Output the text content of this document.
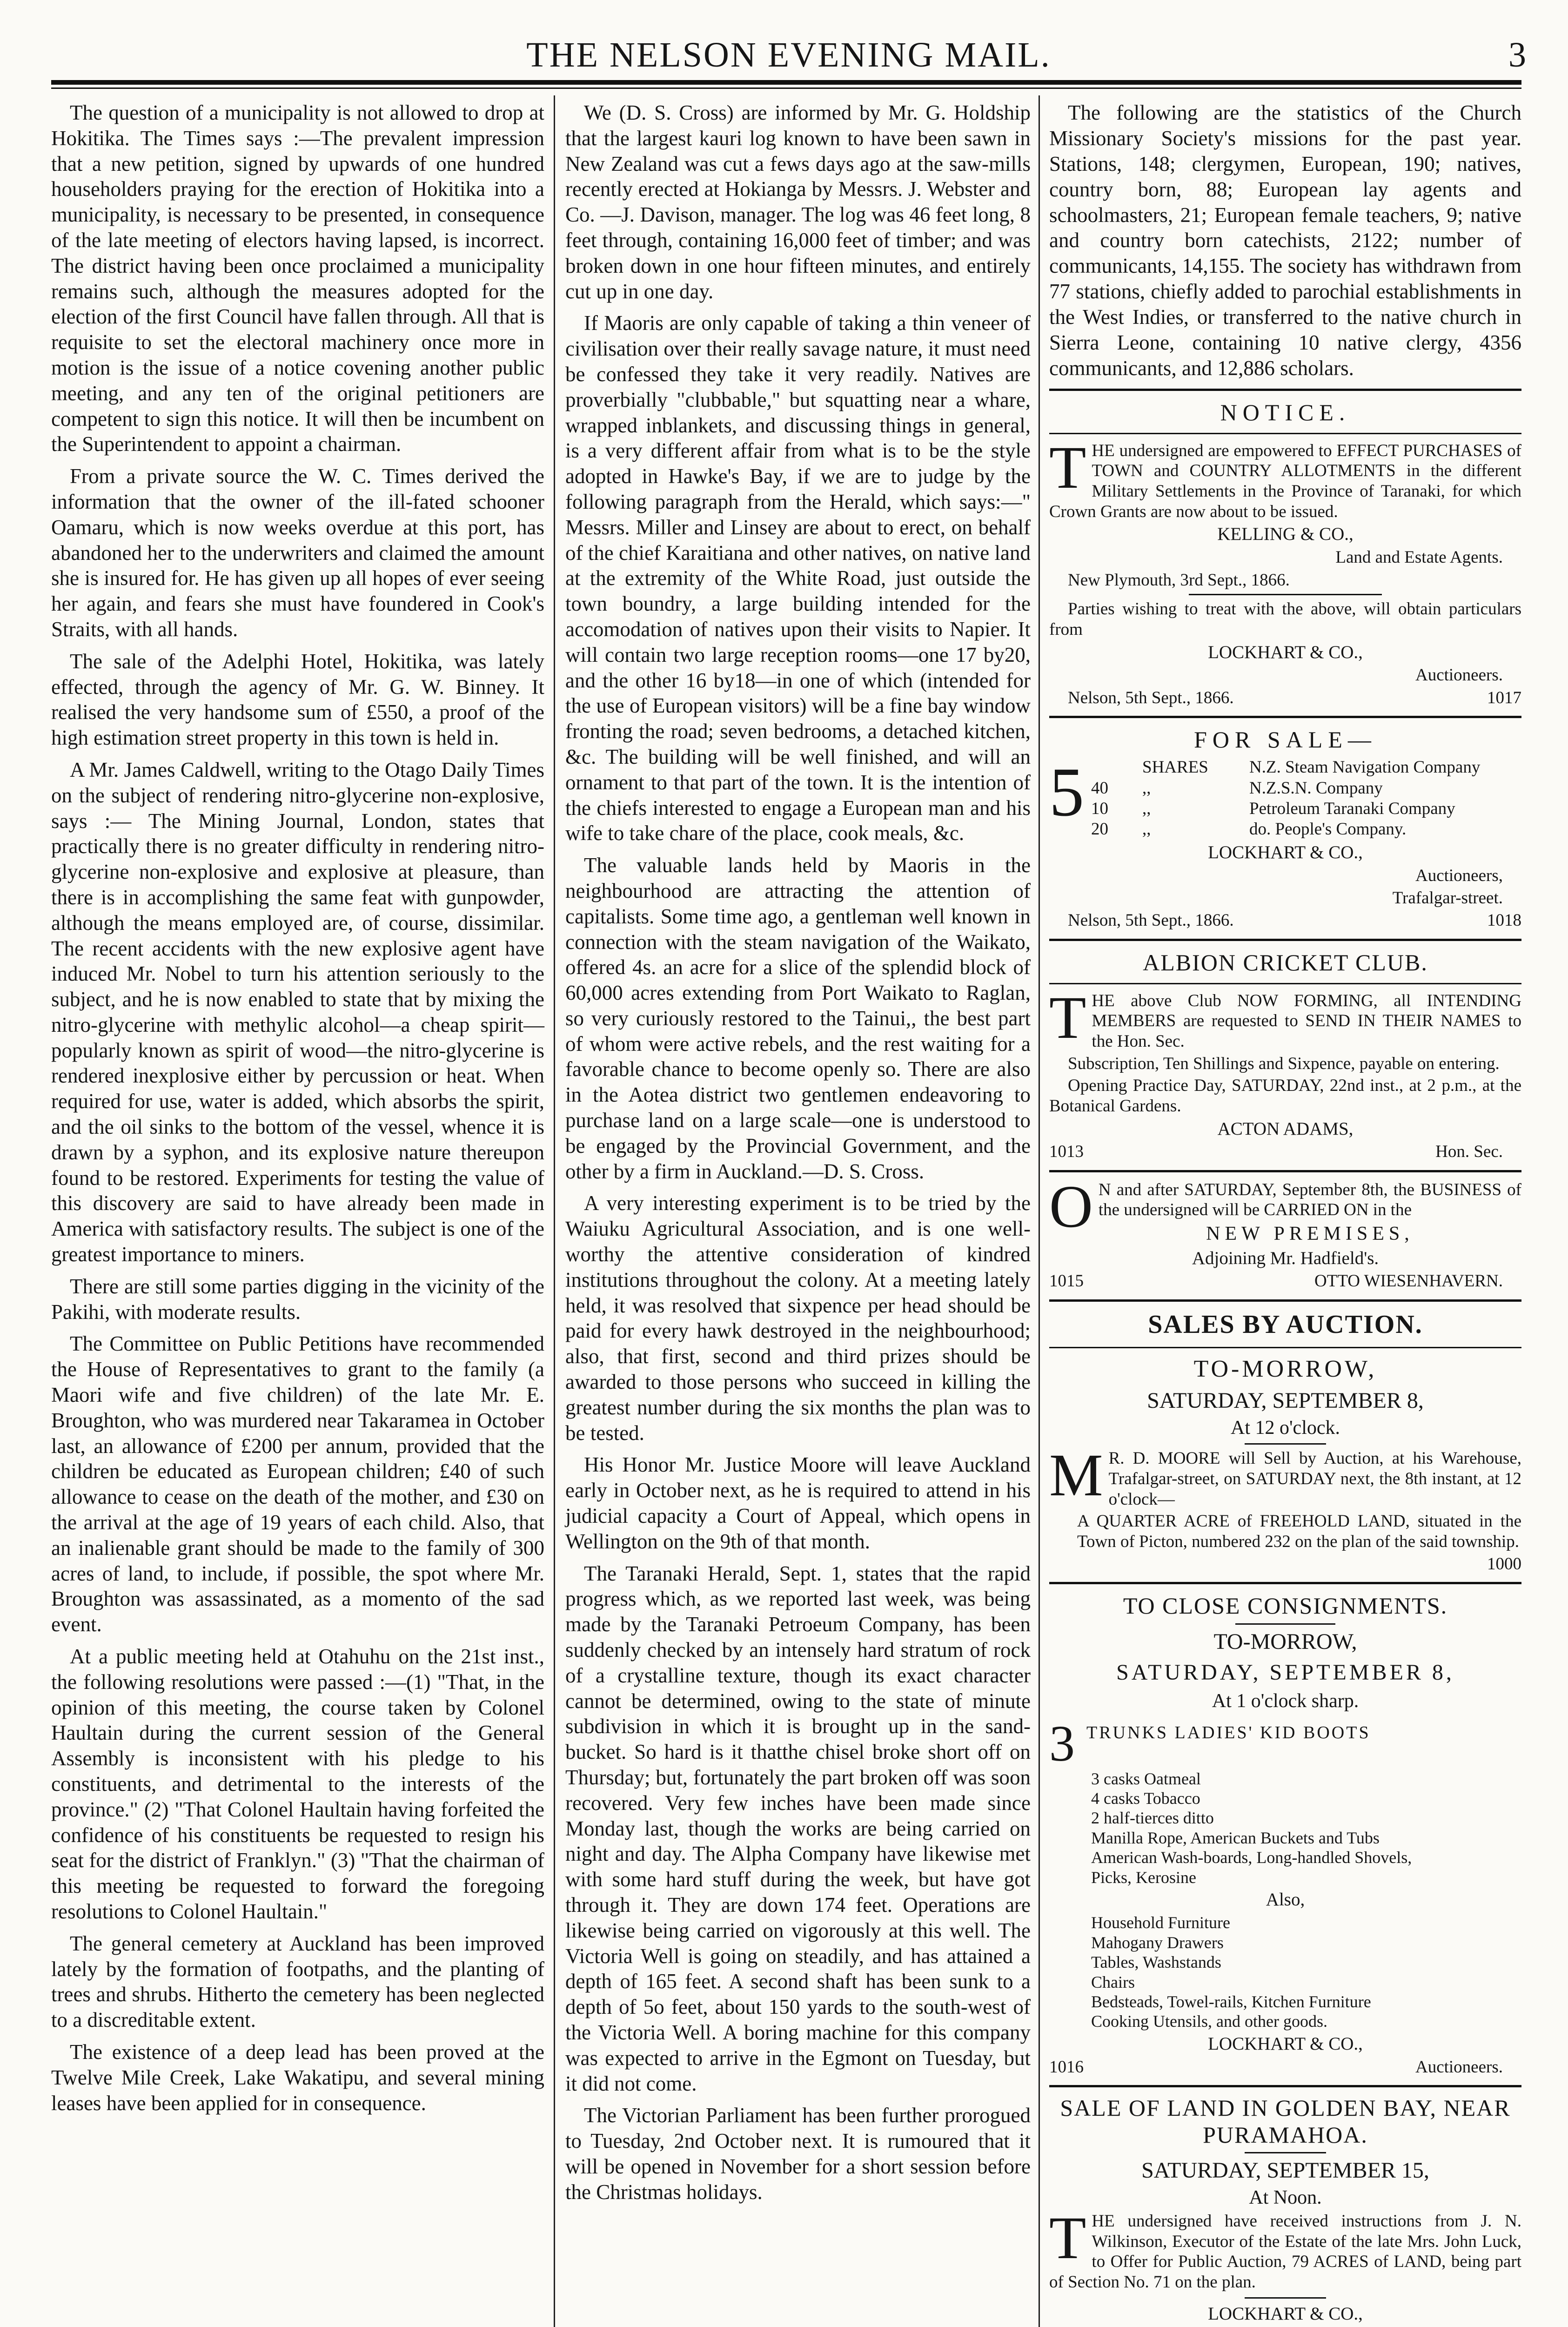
THE NELSON EVENING MAIL.	3

The question of a municipality is not allowed to drop at Hokitika. The Times says :—The prevalent impression that a new petition, signed by upwards of one hundred householders praying for the erection of Hokitika into a municipality, is necessary to be presented, in consequence of the late meeting of electors having lapsed, is incorrect. The district having been once proclaimed a municipality remains such, although the measures adopted for the election of the first Council have fallen through. All that is requisite to set the electoral machinery once more in motion is the issue of a notice covening another public meeting, and any ten of the original petitioners are competent to sign this notice. It will then be incumbent on the Superintendent to appoint a chairman.

From a private source the W. C. Times derived the information that the owner of the ill-fated schooner Oamaru, which is now weeks overdue at this port, has abandoned her to the underwriters and claimed the amount she is insured for. He has given up all hopes of ever seeing her again, and fears she must have foundered in Cook's Straits, with all hands.

The sale of the Adelphi Hotel, Hokitika, was lately effected, through the agency of Mr. G. W. Binney. It realised the very handsome sum of £550, a proof of the high estimation street property in this town is held in.

A Mr. James Caldwell, writing to the Otago Daily Times on the subject of rendering nitro-glycerine non-explosive, says :— The Mining Journal, London, states that practically there is no greater difficulty in rendering nitro-glycerine non-explosive and explosive at pleasure, than there is in accomplishing the same feat with gunpowder, although the means employed are, of course, dissimilar. The recent accidents with the new explosive agent have induced Mr. Nobel to turn his attention seriously to the subject, and he is now enabled to state that by mixing the nitro-glycerine with methylic alcohol—a cheap spirit—popularly known as spirit of wood—the nitro-glycerine is rendered inexplosive either by percussion or heat. When required for use, water is added, which absorbs the spirit, and the oil sinks to the bottom of the vessel, whence it is drawn by a syphon, and its explosive nature thereupon found to be restored. Experiments for testing the value of this discovery are said to have already been made in America with satisfactory results. The subject is one of the greatest importance to miners.

There are still some parties digging in the vicinity of the Pakihi, with moderate results.

The Committee on Public Petitions have recommended the House of Representatives to grant to the family (a Maori wife and five children) of the late Mr. E. Broughton, who was murdered near Takaramea in October last, an allowance of £200 per annum, provided that the children be educated as European children; £40 of such allowance to cease on the death of the mother, and £30 on the arrival at the age of 19 years of each child. Also, that an inalienable grant should be made to the family of 300 acres of land, to include, if possible, the spot where Mr. Broughton was assassinated, as a momento of the sad event.

At a public meeting held at Otahuhu on the 21st inst., the following resolutions were passed :—(1) "That, in the opinion of this meeting, the course taken by Colonel Haultain during the current session of the General Assembly is inconsistent with his pledge to his constituents, and detrimental to the interests of the province." (2) "That Colonel Haultain having forfeited the confidence of his constituents be requested to resign his seat for the district of Franklyn." (3) "That the chairman of this meeting be requested to forward the foregoing resolutions to Colonel Haultain."

The general cemetery at Auckland has been improved lately by the formation of footpaths, and the planting of trees and shrubs. Hitherto the cemetery has been neglected to a discreditable extent.

The existence of a deep lead has been proved at the Twelve Mile Creek, Lake Wakatipu, and several mining leases have been applied for in consequence.

We (D. S. Cross) are informed by Mr. G. Holdship that the largest kauri log known to have been sawn in New Zealand was cut a fews days ago at the saw-mills recently erected at Hokianga by Messrs. J. Webster and Co. —J. Davison, manager. The log was 46 feet long, 8 feet through, containing 16,000 feet of timber; and was broken down in one hour fifteen minutes, and entirely cut up in one day.

If Maoris are only capable of taking a thin veneer of civilisation over their really savage nature, it must need be confessed they take it very readily. Natives are proverbially "clubbable," but squatting near a whare, wrapped inblankets, and discussing things in general, is a very different affair from what is to be the style adopted in Hawke's Bay, if we are to judge by the following paragraph from the Herald, which says:—" Messrs. Miller and Linsey are about to erect, on behalf of the chief Karaitiana and other natives, on native land at the extremity of the White Road, just outside the town boundry, a large building intended for the accomodation of natives upon their visits to Napier. It will contain two large reception rooms—one 17 by20, and the other 16 by18—in one of which (intended for the use of European visitors) will be a fine bay window fronting the road; seven bedrooms, a detached kitchen, &c. The building will be well finished, and will an ornament to that part of the town. It is the intention of the chiefs interested to engage a European man and his wife to take chare of the place, cook meals, &c.

The valuable lands held by Maoris in the neighbourhood are attracting the attention of capitalists. Some time ago, a gentleman well known in connection with the steam navigation of the Waikato, offered 4s. an acre for a slice of the splendid block of 60,000 acres extending from Port Waikato to Raglan, so very curiously restored to the Tainui,, the best part of whom were active rebels, and the rest waiting for a favorable chance to become openly so. There are also in the Aotea district two gentlemen endeavoring to purchase land on a large scale—one is understood to be engaged by the Provincial Government, and the other by a firm in Auckland.—D. S. Cross.

A very interesting experiment is to be tried by the Waiuku Agricultural Association, and is one well-worthy the attentive consideration of kindred institutions throughout the colony. At a meeting lately held, it was resolved that sixpence per head should be paid for every hawk destroyed in the neighbourhood; also, that first, second and third prizes should be awarded to those persons who succeed in killing the greatest number during the six months the plan was to be tested.

His Honor Mr. Justice Moore will leave Auckland early in October next, as he is required to attend in his judicial capacity a Court of Appeal, which opens in Wellington on the 9th of that month.

The Taranaki Herald, Sept. 1, states that the rapid progress which, as we reported last week, was being made by the Taranaki Petroeum Company, has been suddenly checked by an intensely hard stratum of rock of a crystalline texture, though its exact character cannot be determined, owing to the state of minute subdivision in which it is brought up in the sand-bucket. So hard is it thatthe chisel broke short off on Thursday; but, fortunately the part broken off was soon recovered. Very few inches have been made since Monday last, though the works are being carried on night and day. The Alpha Company have likewise met with some hard stuff during the week, but have got through it. They are down 174 feet. Operations are likewise being carried on vigorously at this well. The Victoria Well is going on steadily, and has attained a depth of 165 feet. A second shaft has been sunk to a depth of 5o feet, about 150 yards to the south-west of the Victoria Well. A boring machine for this company was expected to arrive in the Egmont on Tuesday, but it did not come.

The Victorian Parliament has been further prorogued to Tuesday, 2nd October next. It is rumoured that it will be opened in November for a short session before the Christmas holidays.

The following are the statistics of the Church Missionary Society's missions for the past year. Stations, 148; clergymen, European, 190; natives, country born, 88; European lay agents and schoolmasters, 21; European female teachers, 9; native and country born catechists, 2122; number of communicants, 14,155. The society has withdrawn from 77 stations, chiefly added to parochial establishments in the West Indies, or transferred to the native church in Sierra Leone, containing 10 native clergy, 4356 communicants, and 12,886 scholars.

NOTICE.
THE undersigned are empowered to EFFECT PURCHASES of TOWN and COUNTRY ALLOTMENTS in the different Military Settlements in the Province of Taranaki, for which Crown Grants are now about to be issued.
KELLING & CO.,
Land and Estate Agents.
New Plymouth, 3rd Sept., 1866.
Parties wishing to treat with the above, will obtain particulars from
LOCKHART & CO.,
Auctioneers.
Nelson, 5th Sept., 1866.	1017
FOR SALE—
5	SHARES	N.Z. Steam Navigation Company
40	,,	N.Z.S.N. Company
10	,,	Petroleum Taranaki Company
20	,,	do. People's Company.
LOCKHART & CO.,
Auctioneers,
Trafalgar-street.
Nelson, 5th Sept., 1866.	1018
ALBION CRICKET CLUB.
THE above Club NOW FORMING, all INTENDING MEMBERS are requested to SEND IN THEIR NAMES to the Hon. Sec.
Subscription, Ten Shillings and Sixpence, payable on entering.
Opening Practice Day, SATURDAY, 22nd inst., at 2 p.m., at the Botanical Gardens.
ACTON ADAMS,
1013	Hon. Sec.
O N and after SATURDAY, September 8th, the BUSINESS of the undersigned will be CARRIED ON in the
NEW PREMISES,
Adjoining Mr. Hadfield's.
1015	OTTO WIESENHAVERN.
SALES BY AUCTION.
TO-MORROW,
SATURDAY, SEPTEMBER 8,
At 12 o'clock.
M R. D. MOORE will Sell by Auction, at his Warehouse, Trafalgar-street, on SATURDAY next, the 8th instant, at 12 o'clock—
A QUARTER ACRE of FREEHOLD LAND, situated in the Town of Picton, numbered 232 on the plan of the said township.
1000
TO CLOSE CONSIGNMENTS.
TO-MORROW,
SATURDAY, SEPTEMBER 8,
At 1 o'clock sharp.
3 TRUNKS LADIES' KID BOOTS
3 casks Oatmeal
4 casks Tobacco
2 half-tierces ditto
Manilla Rope, American Buckets and Tubs
American Wash-boards, Long-handled Shovels,
Picks, Kerosine
Also,
Household Furniture
Mahogany Drawers
Tables, Washstands
Chairs
Bedsteads, Towel-rails, Kitchen Furniture
Cooking Utensils, and other goods.
LOCKHART & CO.,
1016	Auctioneers.
SALE OF LAND IN GOLDEN BAY, NEAR PURAMAHOA.
SATURDAY, SEPTEMBER 15,
At Noon.
THE undersigned have received instructions from J. N. Wilkinson, Executor of the Estate of the late Mrs. John Luck, to Offer for Public Auction, 79 ACRES of LAND, being part of Section No. 71 on the plan.
LOCKHART & CO.,
